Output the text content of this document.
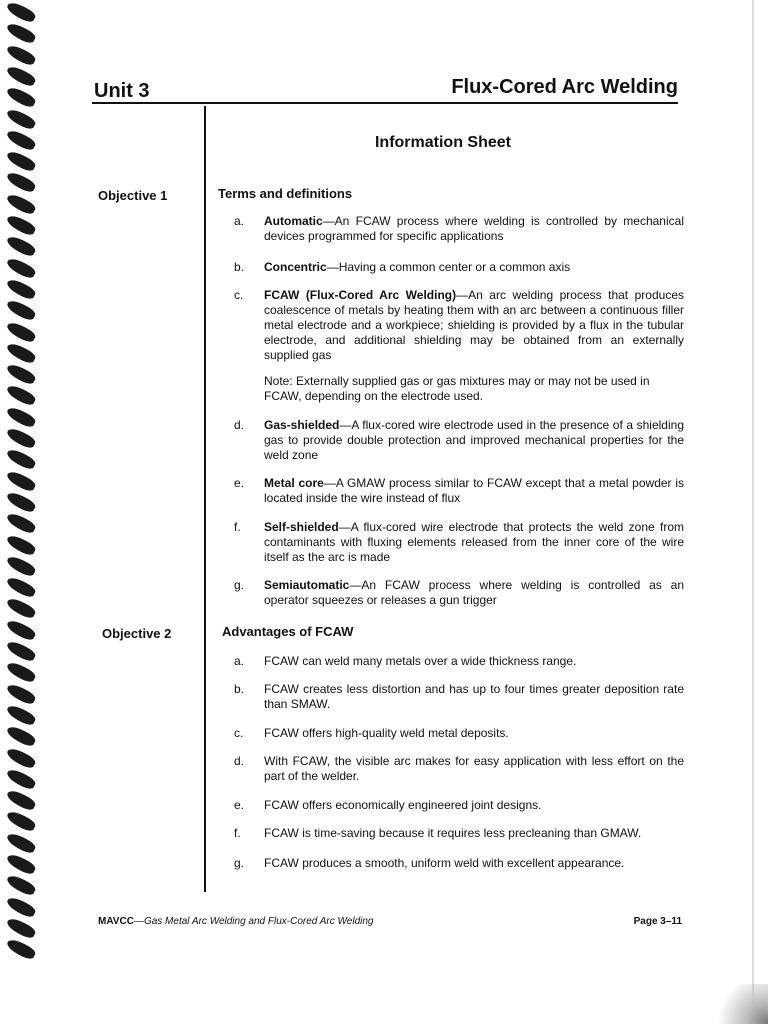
Unit 3	Flux-Cored Arc Welding
Information Sheet
Objective 1	Terms and definitions
a.	Automatic—An FCAW process where welding is controlled by mechanical devices programmed for specific applications
b.	Concentric—Having a common center or a common axis
c.	FCAW (Flux-Cored Arc Welding)—An arc welding process that produces coalescence of metals by heating them with an arc between a continuous filler metal electrode and a workpiece; shielding is provided by a flux in the tubular electrode, and additional shielding may be obtained from an externally supplied gas
Note: Externally supplied gas or gas mixtures may or may not be used in FCAW, depending on the electrode used.
d.	Gas-shielded—A flux-cored wire electrode used in the presence of a shielding gas to provide double protection and improved mechanical properties for the weld zone
e.	Metal core—A GMAW process similar to FCAW except that a metal powder is located inside the wire instead of flux
f.	Self-shielded—A flux-cored wire electrode that protects the weld zone from contaminants with fluxing elements released from the inner core of the wire itself as the arc is made
g.	Semiautomatic—An FCAW process where welding is controlled as an operator squeezes or releases a gun trigger
Objective 2	Advantages of FCAW
a.	FCAW can weld many metals over a wide thickness range.
b.	FCAW creates less distortion and has up to four times greater deposition rate than SMAW.
c.	FCAW offers high-quality weld metal deposits.
d.	With FCAW, the visible arc makes for easy application with less effort on the part of the welder.
e.	FCAW offers economically engineered joint designs.
f.	FCAW is time-saving because it requires less precleaning than GMAW.
g.	FCAW produces a smooth, uniform weld with excellent appearance.
MAVCC—Gas Metal Arc Welding and Flux-Cored Arc Welding	Page 3–11
